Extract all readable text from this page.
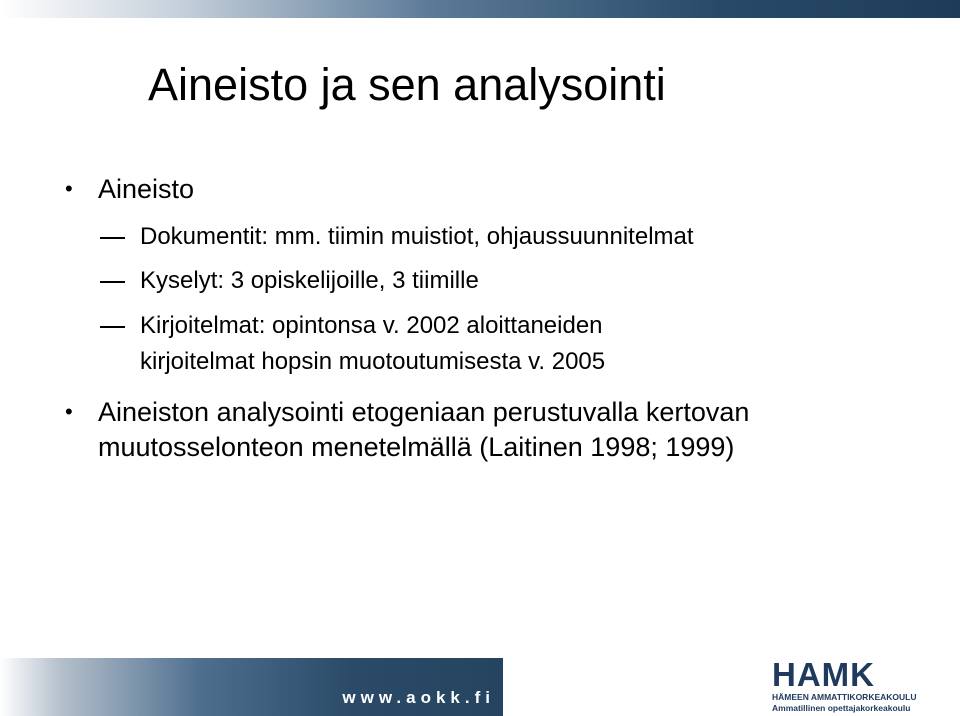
Aineisto ja sen analysointi
• Aineisto
Dokumentit: mm. tiimin muistiot, ohjaussuunnitelmat
Kyselyt: 3 opiskelijoille, 3 tiimille
Kirjoitelmat: opintonsa v. 2002 aloittaneiden
kirjoitelmat hopsin muotoutumisesta v. 2005
• Aineiston analysointi etogeniaan perustuvalla kertovan
muutosselonteon menetelmällä (Laitinen 1998; 1999)
www.aokk.fi
HAMK
HÄMEEN AMMATTIKORKEAKOULU
Ammatillinen opettajakorkeakoulu
